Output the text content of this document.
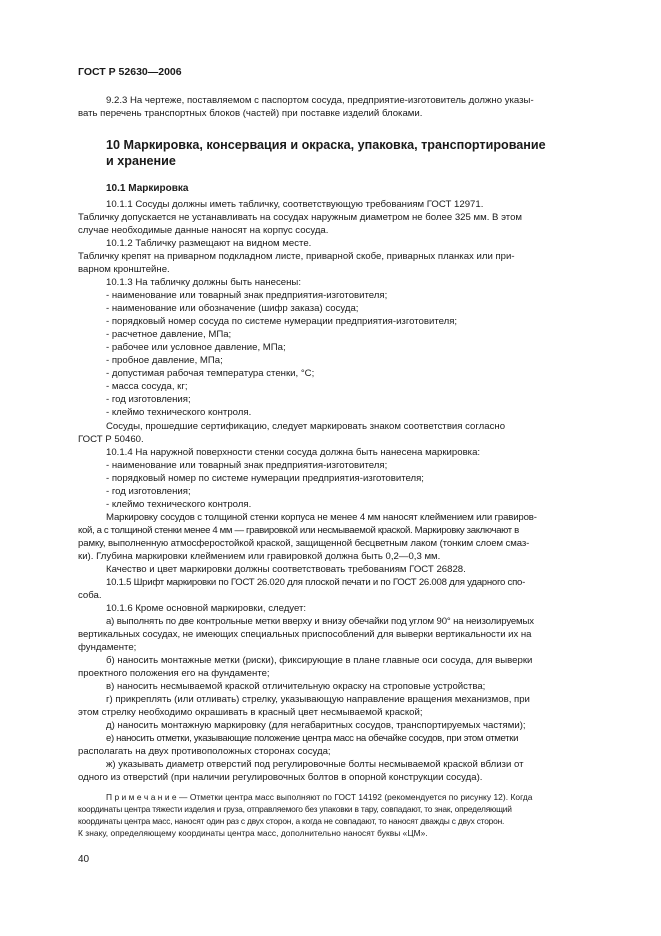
ГОСТ Р 52630—2006
9.2.3 На чертеже, поставляемом с паспортом сосуда, предприятие-изготовитель должно указы-
вать перечень транспортных блоков (частей) при поставке изделий блоками.
10 Маркировка, консервация и окраска, упаковка, транспортирование
и хранение
10.1 Маркировка
10.1.1 Сосуды должны иметь табличку, соответствующую требованиям ГОСТ 12971.
Табличку допускается не устанавливать на сосудах наружным диаметром не более 325 мм. В этом
случае необходимые данные наносят на корпус сосуда.
10.1.2 Табличку размещают на видном месте.
Табличку крепят на приварном подкладном листе, приварной скобе, приварных планках или при-
варном кронштейне.
10.1.3 На табличку должны быть нанесены:
- наименование или товарный знак предприятия-изготовителя;
- наименование или обозначение (шифр заказа) сосуда;
- порядковый номер сосуда по системе нумерации предприятия-изготовителя;
- расчетное давление, МПа;
- рабочее или условное давление, МПа;
- пробное давление, МПа;
- допустимая рабочая температура стенки, °С;
- масса сосуда, кг;
- год изготовления;
- клеймо технического контроля.
Сосуды, прошедшие сертификацию, следует маркировать знаком соответствия согласно
ГОСТ Р 50460.
10.1.4 На наружной поверхности стенки сосуда должна быть нанесена маркировка:
- наименование или товарный знак предприятия-изготовителя;
- порядковый номер по системе нумерации предприятия-изготовителя;
- год изготовления;
- клеймо технического контроля.
Маркировку сосудов с толщиной стенки корпуса не менее 4 мм наносят клеймением или гравиров-
кой, а с толщиной стенки менее 4 мм — гравировкой или несмываемой краской. Маркировку заключают в
рамку, выполненную атмосферостойкой краской, защищенной бесцветным лаком (тонким слоем смаз-
ки). Глубина маркировки клеймением или гравировкой должна быть 0,2—0,3 мм.
Качество и цвет маркировки должны соответствовать требованиям ГОСТ 26828.
10.1.5 Шрифт маркировки по ГОСТ 26.020 для плоской печати и по ГОСТ 26.008 для ударного спо-
соба.
10.1.6 Кроме основной маркировки, следует:
а) выполнять по две контрольные метки вверху и внизу обечайки под углом 90° на неизолируемых
вертикальных сосудах, не имеющих специальных приспособлений для выверки вертикальности их на
фундаменте;
б) наносить монтажные метки (риски), фиксирующие в плане главные оси сосуда, для выверки
проектного положения его на фундаменте;
в) наносить несмываемой краской отличительную окраску на строповые устройства;
г) прикреплять (или отливать) стрелку, указывающую направление вращения механизмов, при
этом стрелку необходимо окрашивать в красный цвет несмываемой краской;
д) наносить монтажную маркировку (для негабаритных сосудов, транспортируемых частями);
е) наносить отметки, указывающие положение центра масс на обечайке сосудов, при этом отметки
располагать на двух противоположных сторонах сосуда;
ж) указывать диаметр отверстий под регулировочные болты несмываемой краской вблизи от
одного из отверстий (при наличии регулировочных болтов в опорной конструкции сосуда).
П р и м е ч а н и е — Отметки центра масс выполняют по ГОСТ 14192 (рекомендуется по рисунку 12). Когда
координаты центра тяжести изделия и груза, отправляемого без упаковки в тару, совпадают, то знак, определяющий
координаты центра масс, наносят один раз с двух сторон, а когда не совпадают, то наносят дважды с двух сторон.
К знаку, определяющему координаты центра масс, дополнительно наносят буквы «ЦМ».
40
